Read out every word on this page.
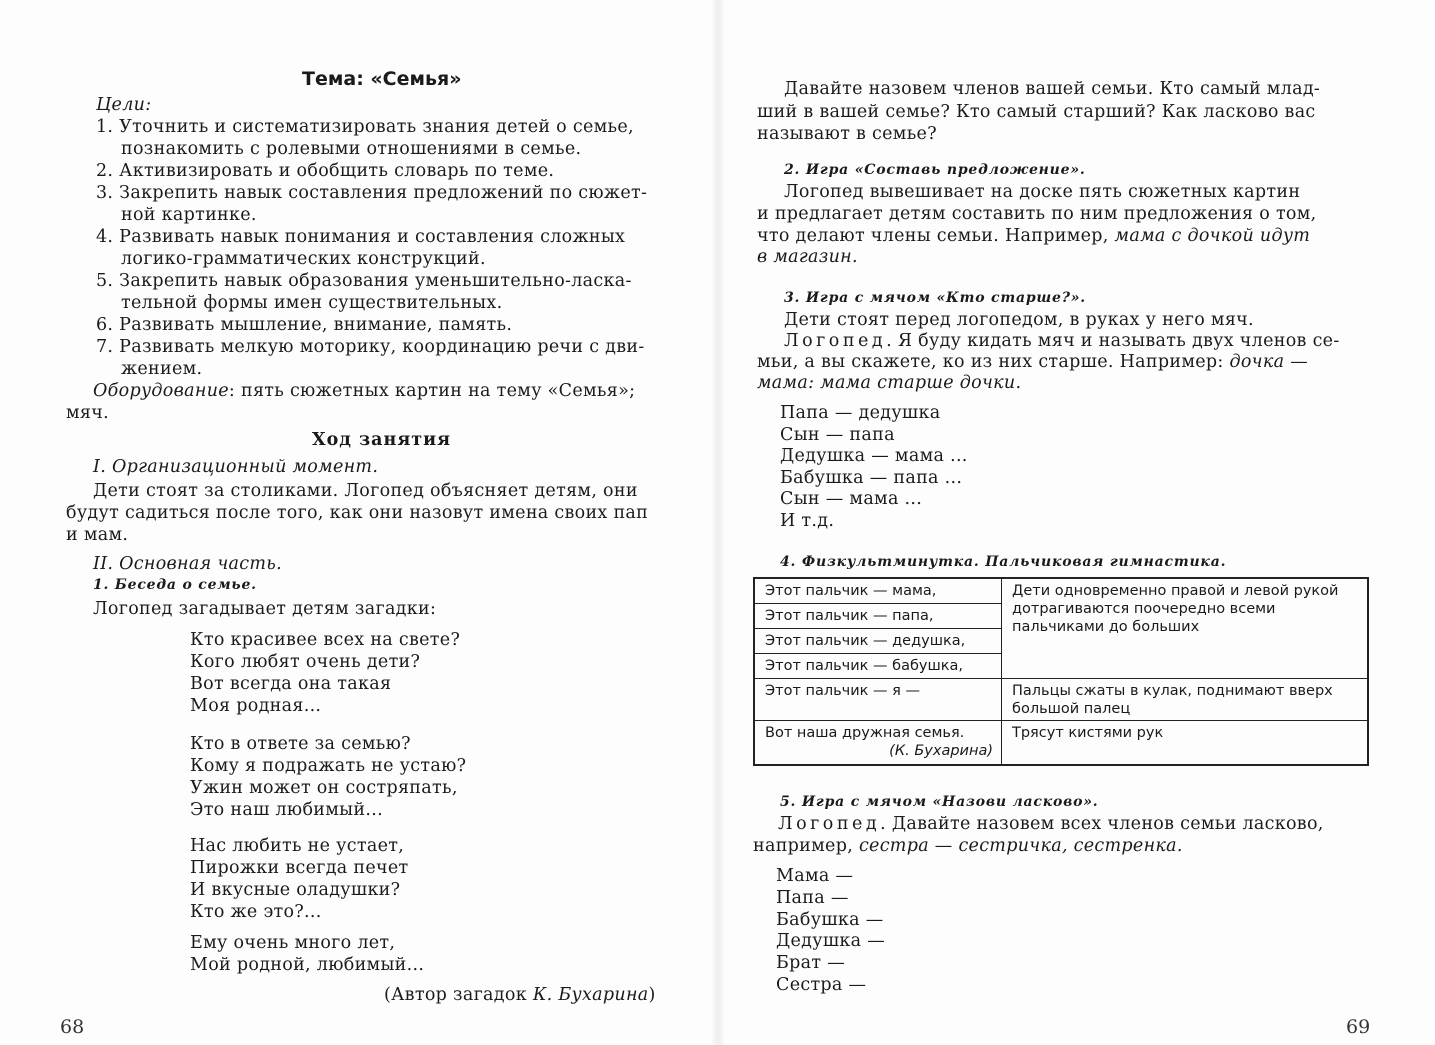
Тема: «Семья»
Цели:
1. Уточнить и систематизировать знания детей о семье,
познакомить с ролевыми отношениями в семье.
2. Активизировать и обобщить словарь по теме.
3. Закрепить навык составления предложений по сюжет-
ной картинке.
4. Развивать навык понимания и составления сложных
логико-грамматических конструкций.
5. Закрепить навык образования уменьшительно-ласка-
тельной формы имен существительных.
6. Развивать мышление, внимание, память.
7. Развивать мелкую моторику, координацию речи с дви-
жением.
Оборудование: пять сюжетных картин на тему «Семья»;
мяч.
Ход занятия
I. Организационный момент.
Дети стоят за столиками. Логопед объясняет детям, они
будут садиться после того, как они назовут имена своих пап
и мам.
II. Основная часть.
1. Беседа о семье.
Логопед загадывает детям загадки:
Кто красивее всех на свете?
Кого любят очень дети?
Вот всегда она такая
Моя родная...
Кто в ответе за семью?
Кому я подражать не устаю?
Ужин может он состряпать,
Это наш любимый...
Нас любить не устает,
Пирожки всегда печет
И вкусные оладушки?
Кто же это?...
Ему очень много лет,
Мой родной, любимый...
(Автор загадок К. Бухарина)
68
Давайте назовем членов вашей семьи. Кто самый млад-
ший в вашей семье? Кто самый старший? Как ласково вас
называют в семье?
2. Игра «Составь предложение».
Логопед вывешивает на доске пять сюжетных картин
и предлагает детям составить по ним предложения о том,
что делают члены семьи. Например, мама с дочкой идут
в магазин.
3. Игра с мячом «Кто старше?».
Дети стоят перед логопедом, в руках у него мяч.
Логопед. Я буду кидать мяч и называть двух членов се-
мьи, а вы скажете, ко из них старше. Например: дочка —
мама: мама старше дочки.
Папа — дедушка
Сын — папа
Дедушка — мама ...
Бабушка — папа ...
Сын — мама ...
И т.д.
4. Физкультминутка. Пальчиковая гимнастика.
Этот пальчик — мама,	Дети одновременно правой и левой рукой дотрагиваются поочередно всеми пальчиками до больших
Этот пальчик — папа,	
Этот пальчик — дедушка,	
Этот пальчик — бабушка,	
Этот пальчик — я —	Пальцы сжаты в кулак, поднимают вверх большой палец
Вот наша дружная семья.
(К. Бухарина)	Трясут кистями рук
5. Игра с мячом «Назови ласково».
Логопед. Давайте назовем всех членов семьи ласково,
например, сестра — сестричка, сестренка.
Мама —
Папа —
Бабушка —
Дедушка —
Брат —
Сестра —
69
